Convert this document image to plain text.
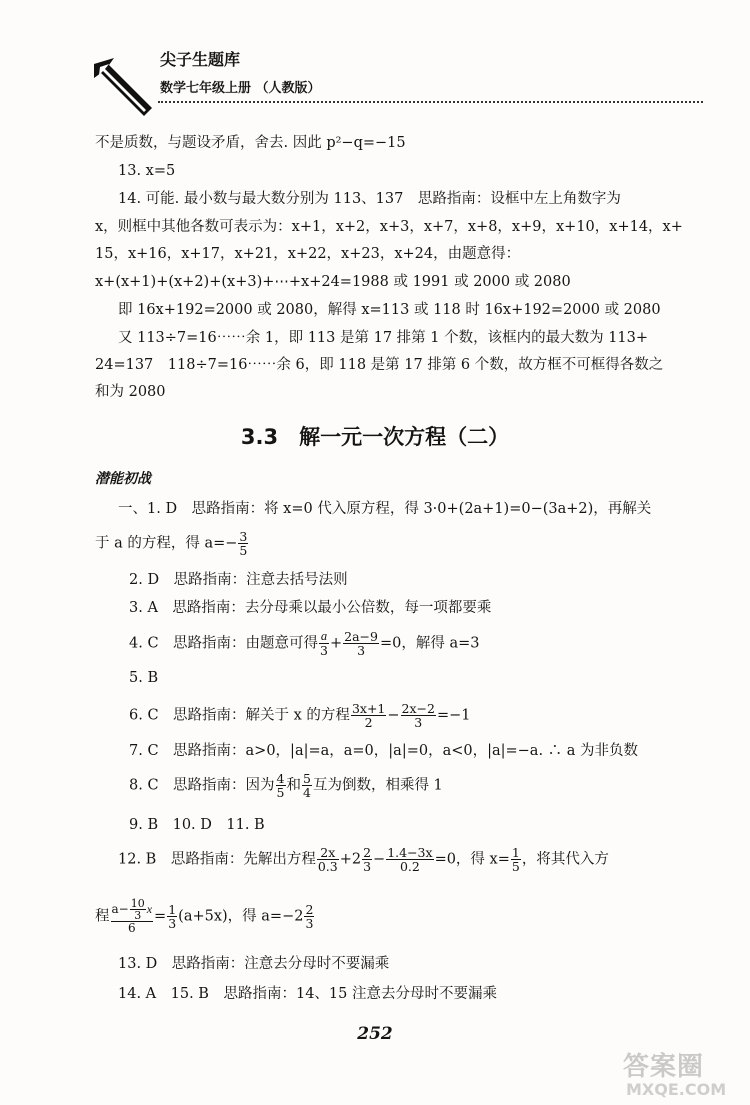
尖子生题库
数学七年级上册 （人教版）
不是质数，与题设矛盾，舍去. 因此 p²−q=−15
13. x=5
14. 可能. 最小数与最大数分别为 113、137　思路指南：设框中左上角数字为
x，则框中其他各数可表示为：x+1，x+2，x+3，x+7，x+8，x+9，x+10，x+14，x+
15，x+16，x+17，x+21，x+22，x+23，x+24，由题意得：
x+(x+1)+(x+2)+(x+3)+⋯+x+24=1988 或 1991 或 2000 或 2080
即 16x+192=2000 或 2080，解得 x=113 或 118 时 16x+192=2000 或 2080
又 113÷7=16⋯⋯余 1，即 113 是第 17 排第 1 个数，该框内的最大数为 113+
24=137　118÷7=16⋯⋯余 6，即 118 是第 17 排第 6 个数，故方框不可框得各数之
和为 2080
3.3　解一元一次方程（二）
潜能初战
一、1. D　思路指南：将 x=0 代入原方程，得 3·0+(2a+1)=0−(3a+2)，再解关
于 a 的方程，得 $a=- \frac{3}{5}$
2. D　思路指南：注意去括号法则
3. A　思路指南：去分母乘以最小公倍数，每一项都要乘
4. C　思路指南：由题意可得 $\frac{a}{3} + \frac{2a-9}{3} =0$，解得 a=3
5. B
6. C　思路指南：解关于 x 的方程 $\frac{3x+1}{2} - \frac{2x-2}{3} =-1$
7. C　思路指南：a>0，|a|=a，a=0，|a|=0，a<0，|a|=−a. ∴ a 为非负数
8. C　思路指南：因为 $\frac{4}{5}$ 和 $\frac{5}{4}$ 互为倒数，相乘得 1
9. B　10. D　11. B
12. B　思路指南：先解出方程 $\frac{2x}{0.3} +2 \frac{2}{3} - \frac{1.4-3x}{0.2} =0$，得 $x= \frac{1}{5}$ ，将其代入方
程 $\frac{a- \frac{10}{3} x}{6} = \frac{1}{3} (a+5x)$，得 $a=-2 \frac{2}{3}$
13. D　思路指南：注意去分母时不要漏乘
14. A　15. B　思路指南：14、15 注意去分母时不要漏乘
252
答案圈
MXQE.COM
